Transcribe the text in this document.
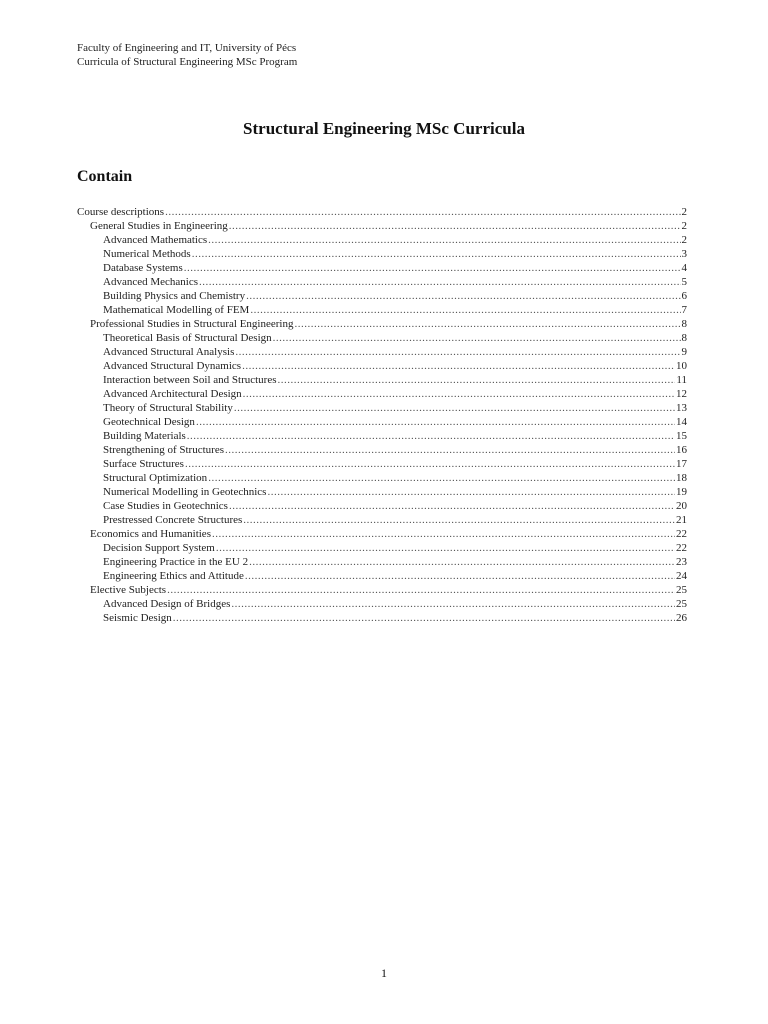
Faculty of Engineering and IT, University of Pécs
Curricula of Structural Engineering MSc Program
Structural Engineering MSc Curricula
Contain
Course descriptions .....	2
General Studies in Engineering .....	2
Advanced Mathematics .....	2
Numerical Methods .....	3
Database Systems .....	4
Advanced Mechanics .....	5
Building Physics and Chemistry .....	6
Mathematical Modelling of FEM .....	7
Professional Studies in Structural Engineering .....	8
Theoretical Basis of Structural Design .....	8
Advanced Structural Analysis .....	9
Advanced Structural Dynamics .....	10
Interaction between Soil and Structures .....	11
Advanced Architectural Design .....	12
Theory of Structural Stability .....	13
Geotechnical Design .....	14
Building Materials .....	15
Strengthening of Structures .....	16
Surface Structures .....	17
Structural Optimization .....	18
Numerical Modelling in Geotechnics .....	19
Case Studies in Geotechnics .....	20
Prestressed Concrete Structures .....	21
Economics and Humanities .....	22
Decision Support System .....	22
Engineering Practice in the EU 2 .....	23
Engineering Ethics and Attitude .....	24
Elective Subjects .....	25
Advanced Design of Bridges .....	25
Seismic Design .....	26
1
